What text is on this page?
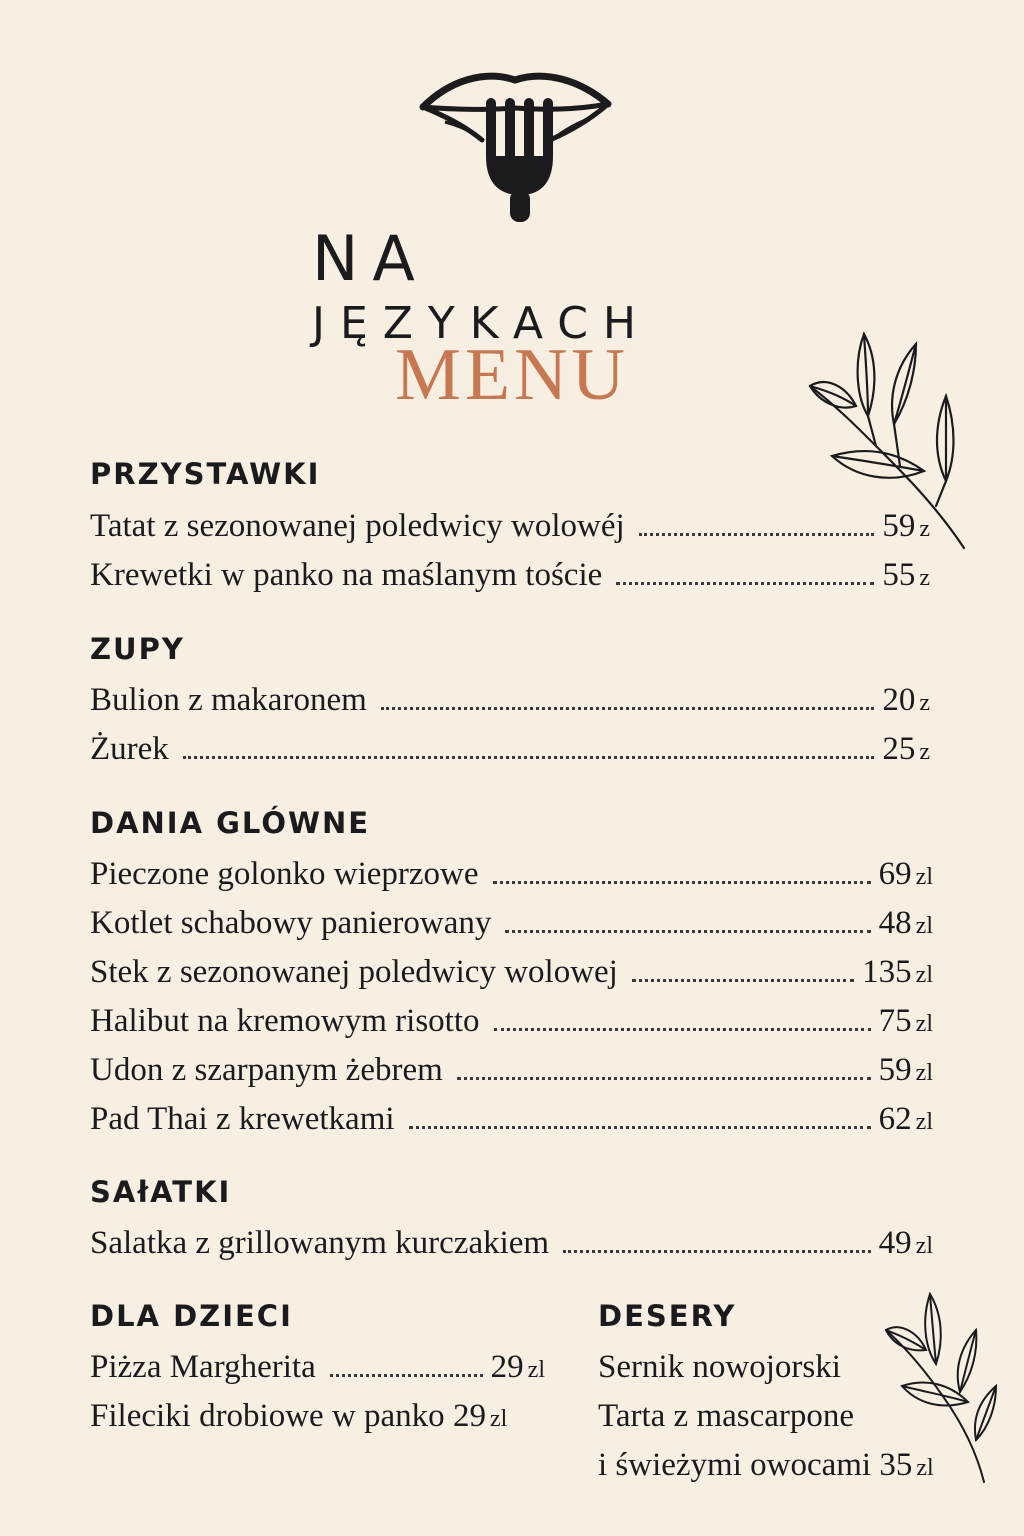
NA
JĘZYKACH
MENU
PRZYSTAWKI
Tatat z sezonowanej poledwicy wolowéj	59 z
Krewetki w panko na maślanym toście	55 z
ZUPY
Bulion z makaronem	20 z
Żurek	25 z
DANIA GLÓWNE
Pieczone golonko wieprzowe	69 zl
Kotlet schabowy panierowany	48 zl
Stek z sezonowanej poledwicy wolowej	135 zl
Halibut na kremowym risotto	75 zl
Udon z szarpanym żebrem	59 zl
Pad Thai z krewetkami	62 zl
SAłATKI
Salatka z grillowanym kurczakiem	49 zl
DLA DZIECI
Piżza Margherita	29 zl
Fileciki drobiowe w panko 29 zl
DESERY
Sernik nowojorski
Tarta z mascarpone
i świeżymi owocami 35 zl
